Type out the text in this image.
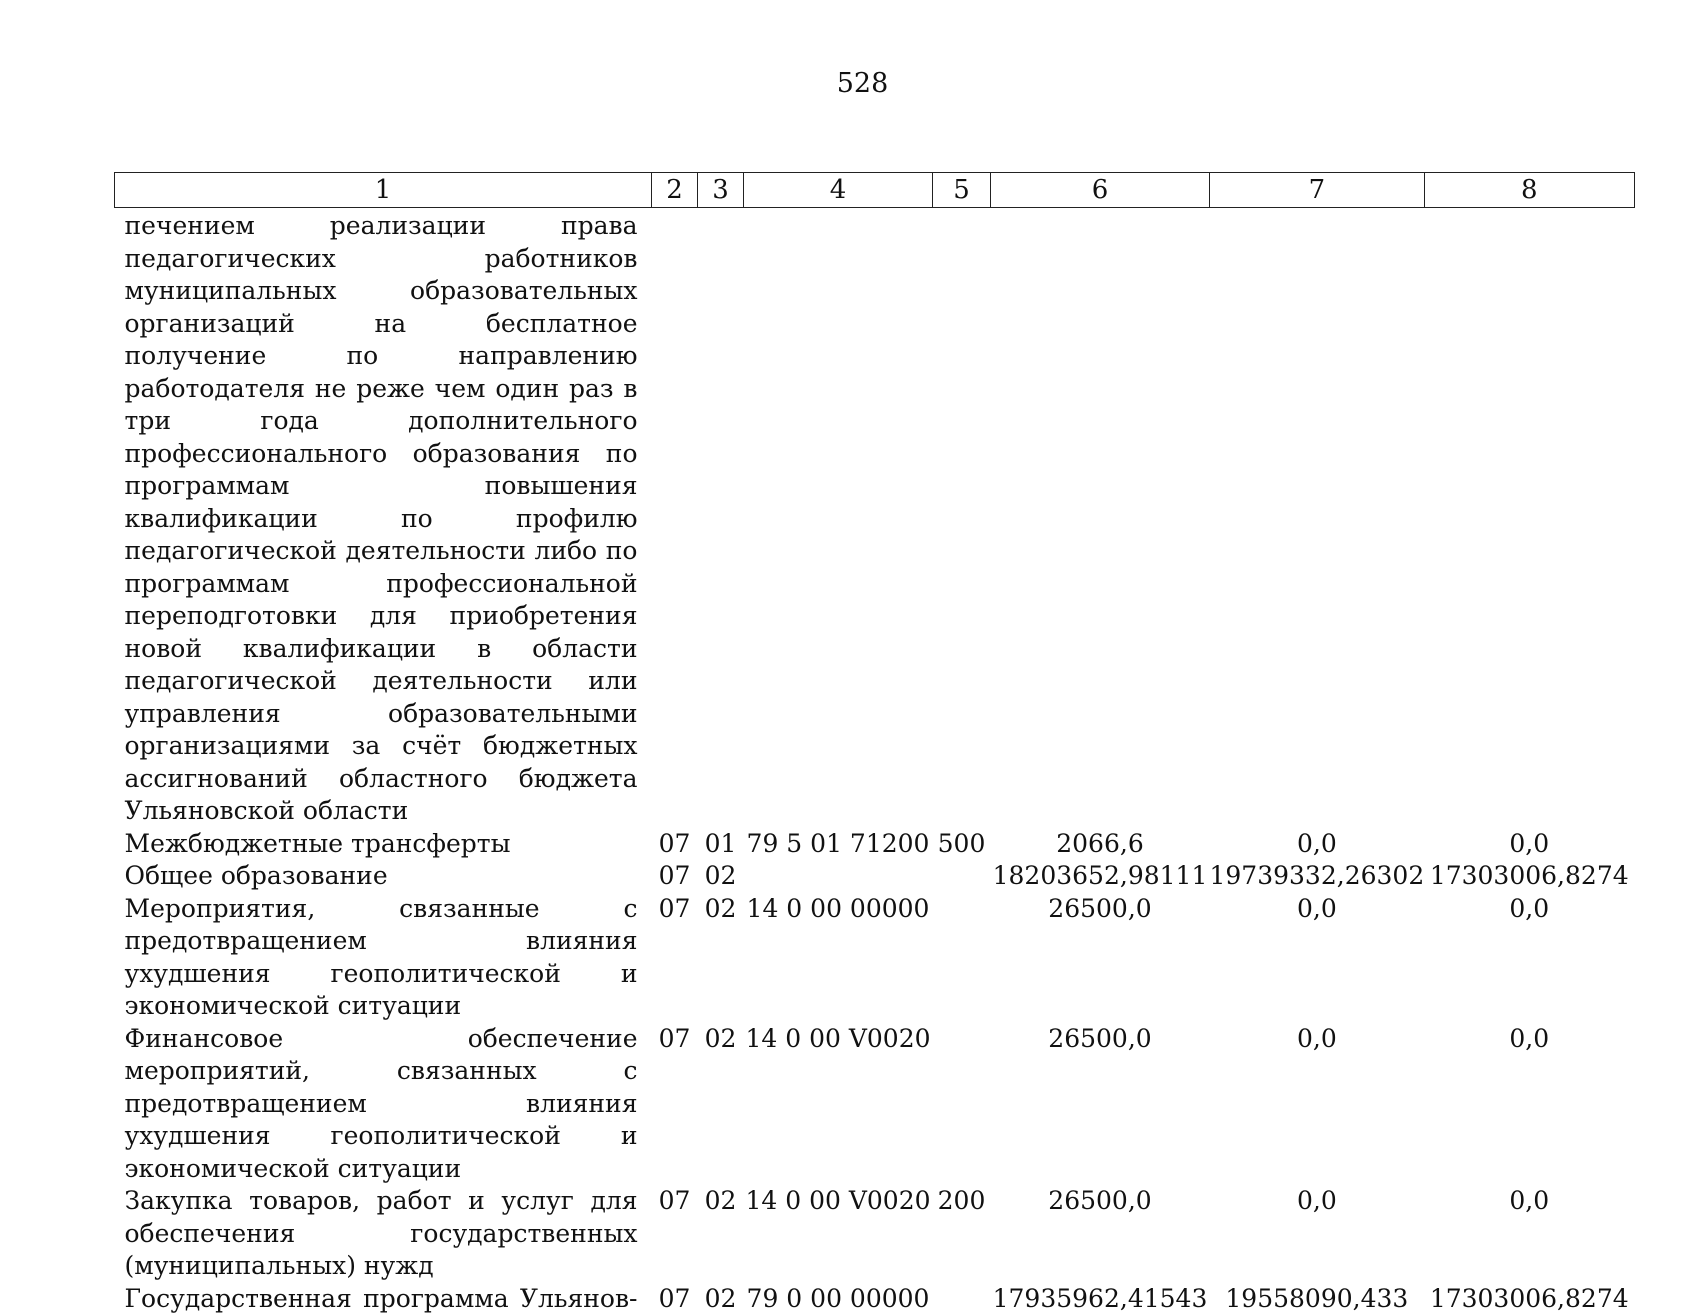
528
1	2	3	4	5	6	7	8
печением реализации права педагогических работников муниципальных образовательных организаций на бесплатное получение по направлению работодателя не реже чем один раз в три года дополнительного профессионального образования по программам повышения квалификации по профилю педагогической деятельности либо по программам профессиональной переподготовки для приобретения новой квалификации в области педагогической деятельности или управления образовательными организациями за счёт бюджетных ассигнований областного бюджета Ульяновской области							
Межбюджетные трансферты	07	01	79 5 01 71200	500	2066,6	0,0	0,0
Общее образование	07	02			18203652,98111	19739332,26302	17303006,8274
Мероприятия, связанные с предотвращением влияния ухудшения геополитической и экономической ситуации	07	02	14 0 00 00000		26500,0	0,0	0,0
Финансовое обеспечение мероприятий, связанных с предотвращением влияния ухудшения геополитической и экономической ситуации	07	02	14 0 00 V0020		26500,0	0,0	0,0
Закупка товаров, работ и услуг для обеспечения государственных (муниципальных) нужд	07	02	14 0 00 V0020	200	26500,0	0,0	0,0
Государственная программа Ульянов-	07	02	79 0 00 00000		17935962,41543	19558090,433	17303006,8274
